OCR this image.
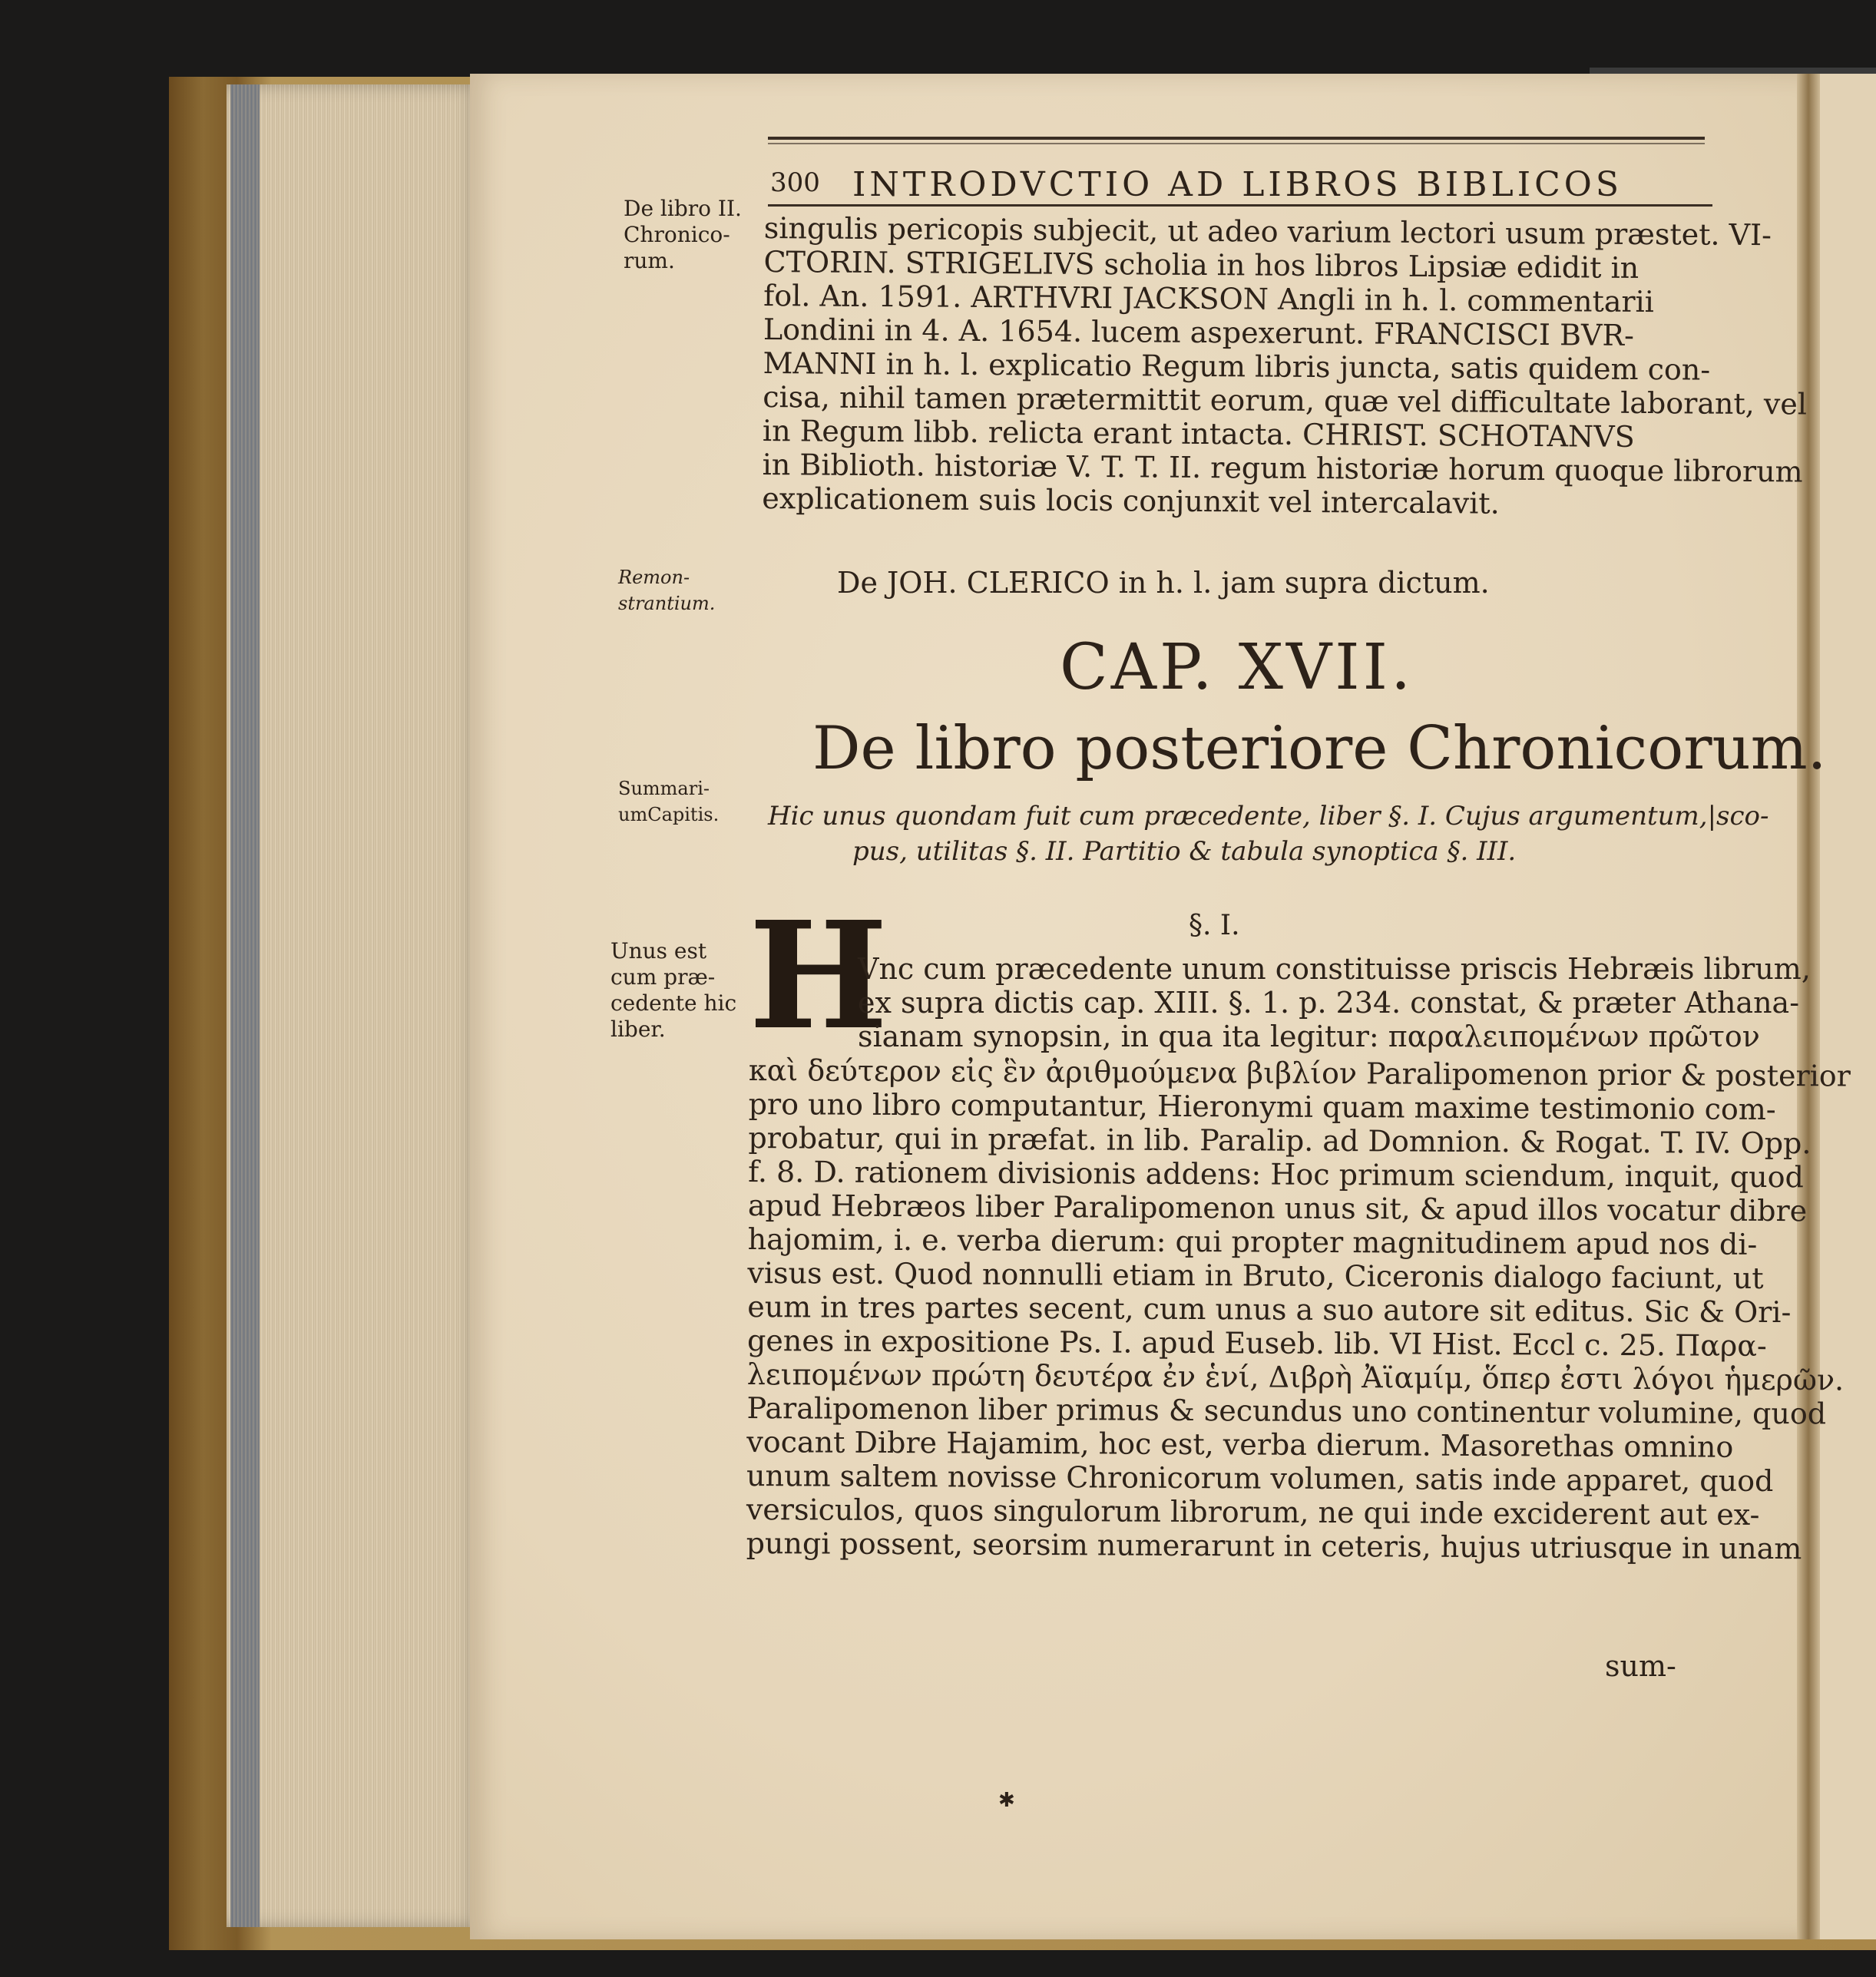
300 INTRODVCTIO AD LIBROS BIBLICOS
De libro II.
Chronico-
rum.
Remon-
strantium.
Summari-
umCapitis.
Unus est
cum præ-
cedente hic
liber.
singulis pericopis subjecit, ut adeo varium lectori usum præstet. VI-
CTORIN. STRIGELIVS scholia in hos libros Lipsiæ edidit in
fol. An. 1591. ARTHVRI JACKSON Angli in h. l. commentarii
Londini in 4. A. 1654. lucem aspexerunt. FRANCISCI BVR-
MANNI in h. l. explicatio Regum libris juncta, satis quidem con-
cisa, nihil tamen prætermittit eorum, quæ vel difficultate laborant, vel
in Regum libb. relicta erant intacta. CHRIST. SCHOTANVS
in Biblioth. historiæ V. T. T. II. regum historiæ horum quoque librorum
explicationem suis locis conjunxit vel intercalavit.
De JOH. CLERICO in h. l. jam supra dictum.
CAP. XVII.
De libro posteriore Chronicorum.
Hic unus quondam fuit cum præcedente, liber §. I. Cujus argumentum,|sco-
pus, utilitas §. II. Partitio & tabula synoptica §. III.
§. I.
H
Vnc cum præcedente unum constituisse priscis Hebræis librum,
ex supra dictis cap. XIII. §. 1. p. 234. constat, & præter Athana-
sianam synopsin, in qua ita legitur: παραλειπομένων πρῶτον
καὶ δεύτερον εἰς ἓν ἀριθμούμενα βιβλίον Paralipomenon prior & posterior
pro uno libro computantur, Hieronymi quam maxime testimonio com-
probatur, qui in præfat. in lib. Paralip. ad Domnion. & Rogat. T. IV. Opp.
f. 8. D. rationem divisionis addens: Hoc primum sciendum, inquit, quod
apud Hebræos liber Paralipomenon unus sit, & apud illos vocatur dibre
hajomim, i. e. verba dierum: qui propter magnitudinem apud nos di-
visus est. Quod nonnulli etiam in Bruto, Ciceronis dialogo faciunt, ut
eum in tres partes secent, cum unus a suo autore sit editus. Sic & Ori-
genes in expositione Ps. I. apud Euseb. lib. VI Hist. Eccl c. 25. Παρα-
λειπομένων πρώτη δευτέρα ἐν ἑνί, Διβρὴ Ἀϊαμίμ, ὅπερ ἐστι λόγοι ἡμερῶν.
Paralipomenon liber primus & secundus uno continentur volumine, quod
vocant Dibre Hajamim, hoc est, verba dierum. Masorethas omnino
unum saltem novisse Chronicorum volumen, satis inde apparet, quod
versiculos, quos singulorum librorum, ne qui inde exciderent aut ex-
pungi possent, seorsim numerarunt in ceteris, hujus utriusque in unam
sum-
✱
